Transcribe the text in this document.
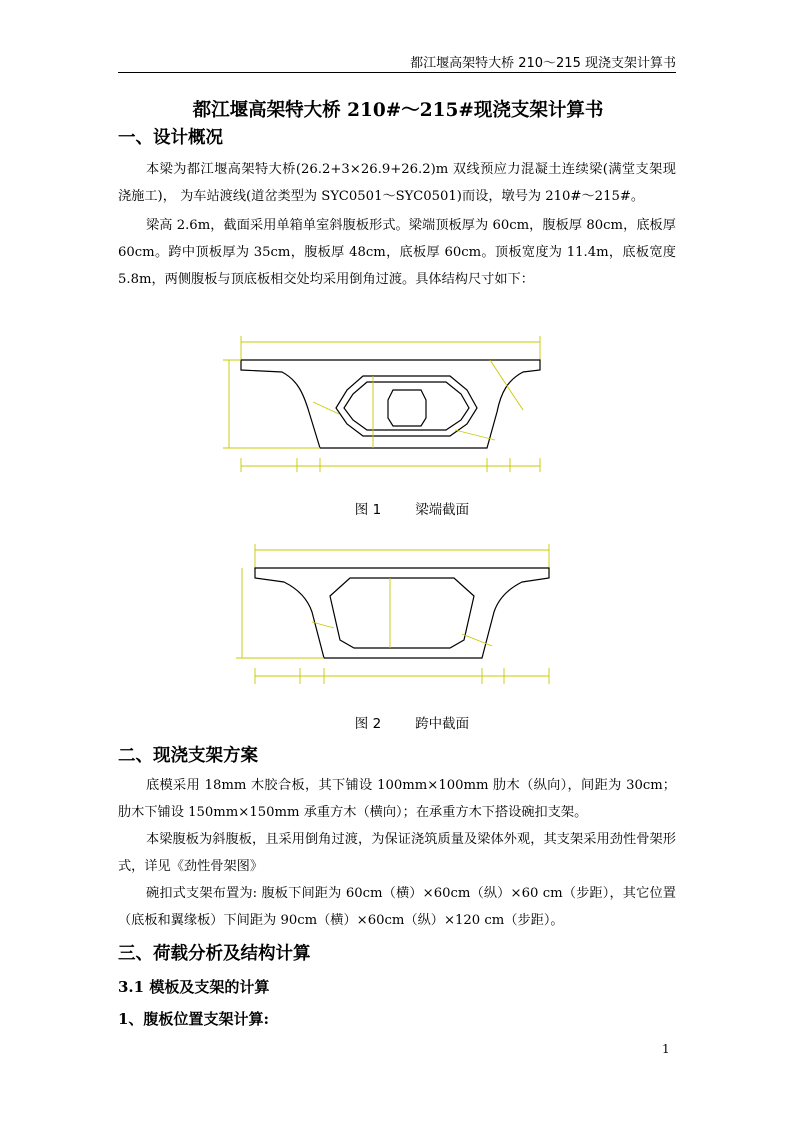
都江堰高架特大桥 210～215 现浇支架计算书
都江堰高架特大桥 210#～215#现浇支架计算书
一、设计概况
本梁为都江堰高架特大桥(26.2+3×26.9+26.2)m 双线预应力混凝土连续梁(满堂支架现浇施工)， 为车站渡线(道岔类型为 SYC0501～SYC0501)而设，墩号为 210#～215#。
梁高 2.6m，截面采用单箱单室斜腹板形式。梁端顶板厚为 60cm，腹板厚 80cm，底板厚 60cm。跨中顶板厚为 35cm，腹板厚 48cm，底板厚 60cm。顶板宽度为 11.4m，底板宽度 5.8m，两侧腹板与顶底板相交处均采用倒角过渡。具体结构尺寸如下：
图 1	梁端截面
图 2	跨中截面
二、现浇支架方案
底模采用 18mm 木胶合板，其下铺设 100mm×100mm 肋木（纵向），间距为 30cm；肋木下铺设 150mm×150mm 承重方木（横向）；在承重方木下搭设碗扣支架。
本梁腹板为斜腹板，且采用倒角过渡，为保证浇筑质量及梁体外观，其支架采用劲性骨架形式，详见《劲性骨架图》
碗扣式支架布置为: 腹板下间距为 60cm（横）×60cm（纵）×60 cm（步距），其它位置（底板和翼缘板）下间距为 90cm（横）×60cm（纵）×120 cm（步距）。
三、荷载分析及结构计算
3.1 模板及支架的计算
1、腹板位置支架计算:
1
